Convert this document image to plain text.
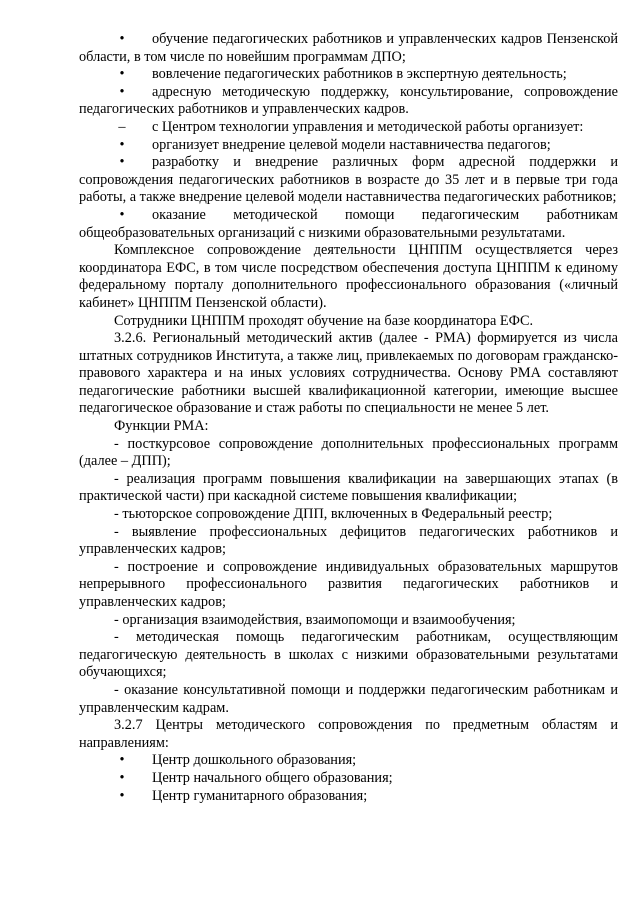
•	обучение педагогических работников и управленческих кадров Пензенской области, в том числе по новейшим программам ДПО;

•	вовлечение педагогических работников в экспертную деятельность;

•	адресную методическую поддержку, консультирование, сопровождение педагогических работников и управленческих кадров.

– с Центром технологии управления и методической работы организует:

•	организует внедрение целевой модели наставничества педагогов;

•	разработку и внедрение различных форм адресной поддержки и сопровождения педагогических работников в возрасте до 35 лет и в первые три года работы, а также внедрение целевой модели наставничества педагогических работников;

•	оказание методической помощи педагогическим работникам общеобразовательных организаций с низкими образовательными результатами.

Комплексное сопровождение деятельности ЦНППМ осуществляется через координатора ЕФС, в том числе посредством обеспечения доступа ЦНППМ к единому федеральному порталу дополнительного профессионального образования («личный кабинет» ЦНППМ Пензенской области).

Сотрудники ЦНППМ проходят обучение на базе координатора ЕФС.

3.2.6. Региональный методический актив (далее - РМА) формируется из числа штатных сотрудников Института, а также лиц, привлекаемых по договорам гражданско-правового характера и на иных условиях сотрудничества. Основу РМА составляют педагогические работники высшей квалификационной категории, имеющие высшее педагогическое образование и стаж работы по специальности не менее 5 лет.

Функции РМА:

- посткурсовое сопровождение дополнительных профессиональных программ (далее – ДПП);

- реализация программ повышения квалификации на завершающих этапах (в практической части) при каскадной системе повышения квалификации;

- тьюторское сопровождение ДПП, включенных в Федеральный реестр;

- выявление профессиональных дефицитов педагогических работников и управленческих кадров;

- построение и сопровождение индивидуальных образовательных маршрутов непрерывного профессионального развития педагогических работников и управленческих кадров;

- организация взаимодействия, взаимопомощи и взаимообучения;

- методическая помощь педагогическим работникам, осуществляющим педагогическую деятельность в школах с низкими образовательными результатами обучающихся;

- оказание консультативной помощи и поддержки педагогическим работникам и управленческим кадрам.

3.2.7 Центры методического сопровождения по предметным областям и направлениям:

•	Центр дошкольного образования;

•	Центр начального общего образования;

•	Центр гуманитарного образования;
